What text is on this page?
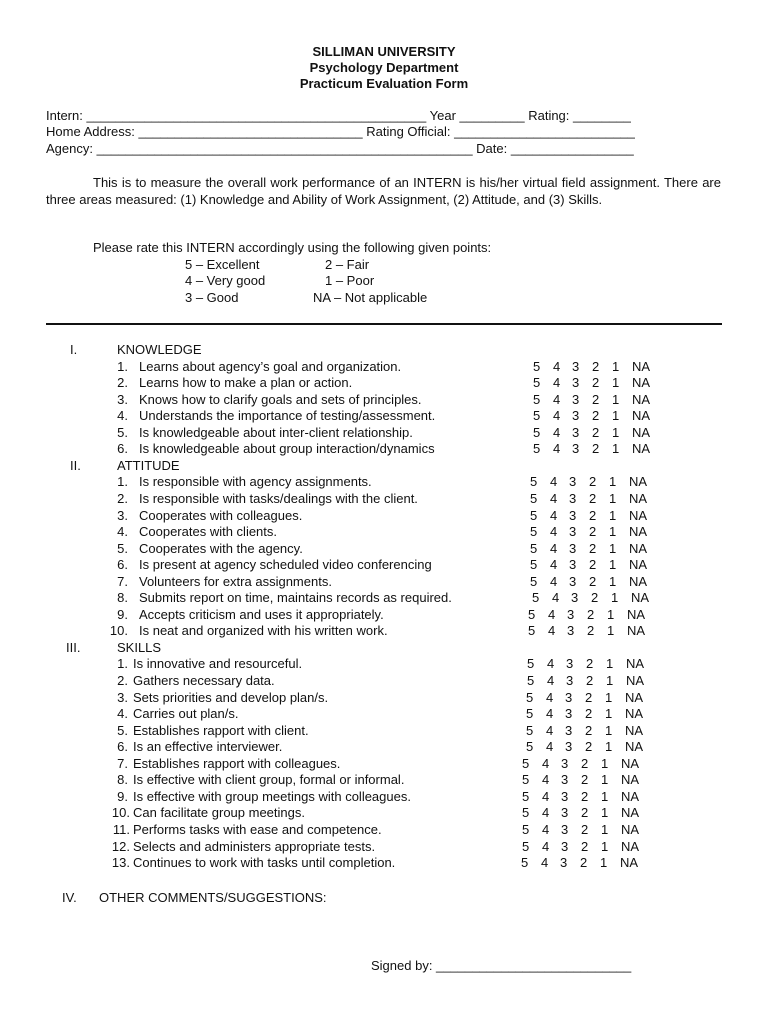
SILLIMAN UNIVERSITY
Psychology Department
Practicum Evaluation Form
Intern: _______________________________________________ Year _________ Rating: ________
Home Address: _______________________________ Rating Official: _________________________
Agency: ____________________________________________________ Date: _________________
This is to measure the overall work performance of an INTERN is his/her virtual field assignment. There are three areas measured: (1) Knowledge and Ability of Work Assignment, (2) Attitude, and (3) Skills.
Please rate this INTERN accordingly using the following given points:
5 – Excellent	2 – Fair
4 – Very good	1 – Poor
3 – Good	NA – Not applicable
I.	KNOWLEDGE
1. Learns about agency’s goal and organization.	5 4 3 2 1 NA
2. Learns how to make a plan or action.	5 4 3 2 1 NA
3. Knows how to clarify goals and sets of principles.	5 4 3 2 1 NA
4. Understands the importance of testing/assessment.	5 4 3 2 1 NA
5. Is knowledgeable about inter-client relationship.	5 4 3 2 1 NA
6. Is knowledgeable about group interaction/dynamics	5 4 3 2 1 NA
II.	ATTITUDE
1. Is responsible with agency assignments.	5 4 3 2 1 NA
2. Is responsible with tasks/dealings with the client.	5 4 3 2 1 NA
3. Cooperates with colleagues.	5 4 3 2 1 NA
4. Cooperates with clients.	5 4 3 2 1 NA
5. Cooperates with the agency.	5 4 3 2 1 NA
6. Is present at agency scheduled video conferencing	5 4 3 2 1 NA
7. Volunteers for extra assignments.	5 4 3 2 1 NA
8. Submits report on time, maintains records as required.	5 4 3 2 1 NA
9. Accepts criticism and uses it appropriately.	5 4 3 2 1 NA
10. Is neat and organized with his written work.	5 4 3 2 1 NA
III.	SKILLS
1. Is innovative and resourceful.	5 4 3 2 1 NA
2. Gathers necessary data.	5 4 3 2 1 NA
3. Sets priorities and develop plan/s.	5 4 3 2 1 NA
4. Carries out plan/s.	5 4 3 2 1 NA
5. Establishes rapport with client.	5 4 3 2 1 NA
6. Is an effective interviewer.	5 4 3 2 1 NA
7. Establishes rapport with colleagues.	5 4 3 2 1 NA
8. Is effective with client group, formal or informal.	5 4 3 2 1 NA
9. Is effective with group meetings with colleagues.	5 4 3 2 1 NA
10. Can facilitate group meetings.	5 4 3 2 1 NA
11. Performs tasks with ease and competence.	5 4 3 2 1 NA
12. Selects and administers appropriate tests.	5 4 3 2 1 NA
13. Continues to work with tasks until completion.	5 4 3 2 1 NA
IV. OTHER COMMENTS/SUGGESTIONS:
Signed by: ___________________________
